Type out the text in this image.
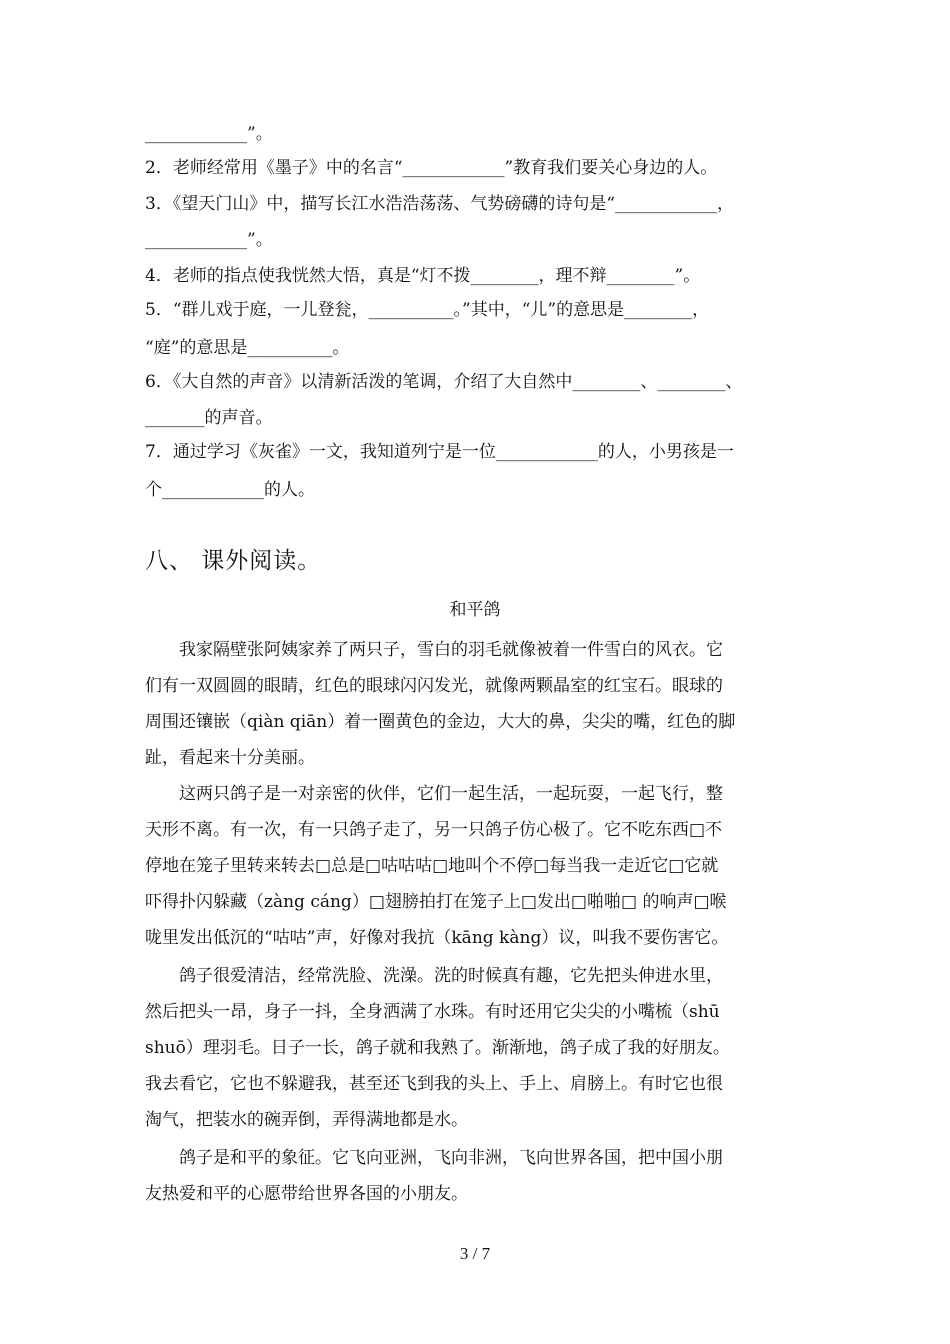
____________”。
2．老师经常用《墨子》中的名言“____________”教育我们要关心身边的人。
3．《望天门山》中，描写长江水浩浩荡荡、气势磅礴的诗句是“____________，
____________”。
4．老师的指点使我恍然大悟，真是“灯不拨________，理不辩________”。
5．“群儿戏于庭，一儿登瓮，__________。”其中，“儿”的意思是________，
“庭”的意思是__________。
6．《大自然的声音》以清新活泼的笔调，介绍了大自然中________、________、
_______的声音。
7．通过学习《灰雀》一文，我知道列宁是一位____________的人，小男孩是一
个____________的人。
八、 课外阅读。
和平鸽

　　我家隔壁张阿姨家养了两只子，雪白的羽毛就像被着一件雪白的风衣。它

们有一双圆圆的眼睛，红色的眼球闪闪发光，就像两颗晶室的红宝石。眼球的

周围还镶嵌（qiàn qiān）着一圈黄色的金边，大大的鼻，尖尖的嘴，红色的脚

趾，看起来十分美丽。

　　这两只鸽子是一对亲密的伙伴，它们一起生活，一起玩耍，一起飞行，整

天形不离。有一次，有一只鸽子走了，另一只鸽子仿心极了。它不吃东西□不

停地在笼子里转来转去□总是□咕咕咕□地叫个不停□每当我一走近它□它就

吓得扑闪躲藏（zàng cáng）□翅膀拍打在笼子上□发出□啪啪□ 的响声□喉

咙里发出低沉的“咕咕”声，好像对我抗（kāng kàng）议，叫我不要伤害它。

　　鸽子很爱清洁，经常洗脸、洗澡。洗的时候真有趣，它先把头伸进水里，

然后把头一昂，身子一抖，全身洒满了水珠。有时还用它尖尖的小嘴梳（shū

shuō）理羽毛。日子一长，鸽子就和我熟了。渐渐地，鸽子成了我的好朋友。

我去看它，它也不躲避我，甚至还飞到我的头上、手上、肩膀上。有时它也很

淘气，把装水的碗弄倒，弄得满地都是水。

　　鸽子是和平的象征。它飞向亚洲，飞向非洲，飞向世界各国，把中国小朋

友热爱和平的心愿带给世界各国的小朋友。

3 / 7
